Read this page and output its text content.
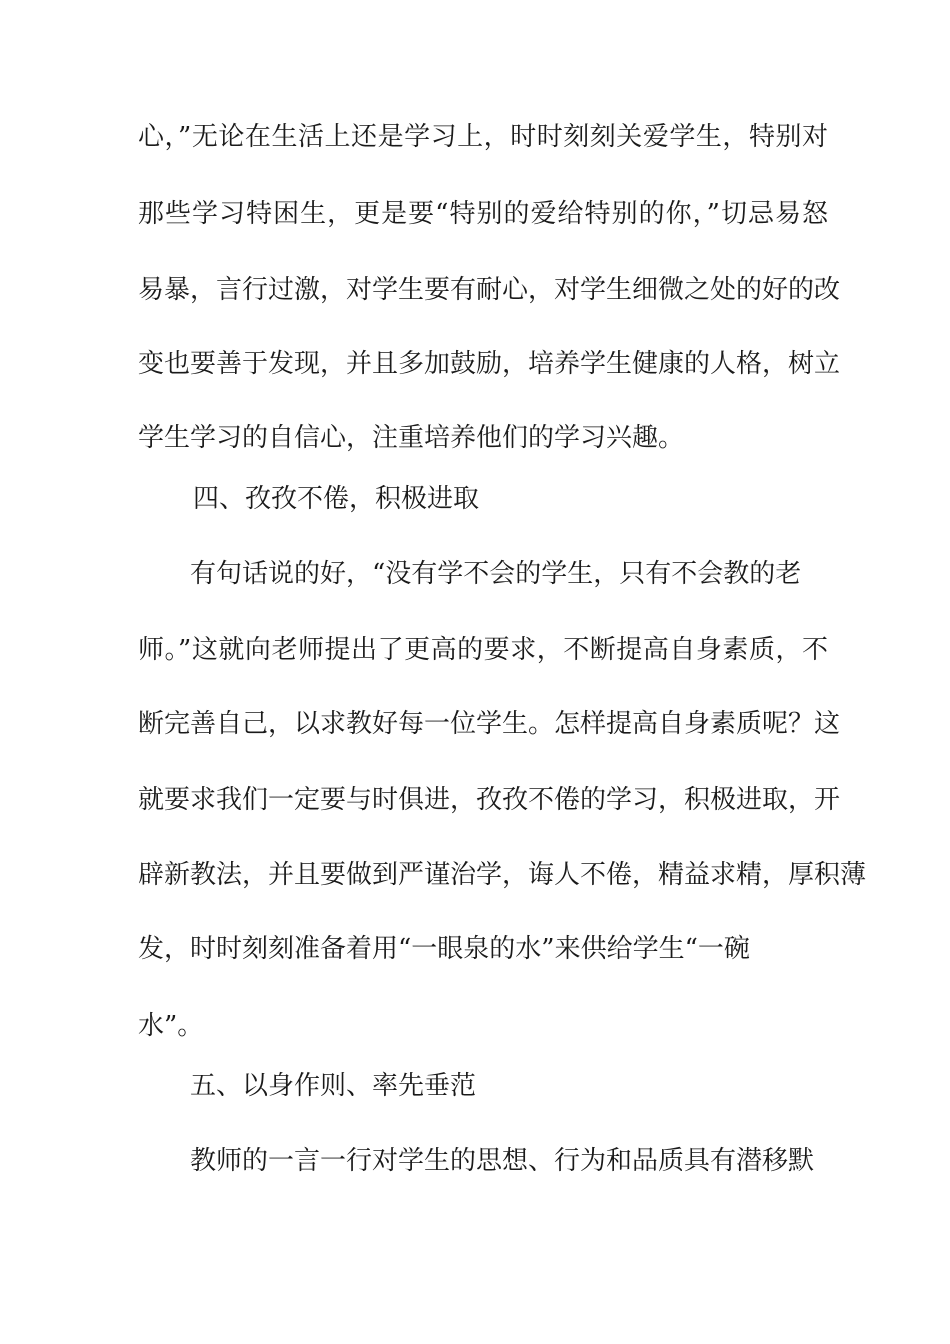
心，”无论在生活上还是学习上，时时刻刻关爱学生，特别对
那些学习特困生，更是要“特别的爱给特别的你，”切忌易怒
易暴，言行过激，对学生要有耐心，对学生细微之处的好的改
变也要善于发现，并且多加鼓励，培养学生健康的人格，树立
学生学习的自信心，注重培养他们的学习兴趣。
四、孜孜不倦，积极进取
有句话说的好，“没有学不会的学生，只有不会教的老
师。”这就向老师提出了更高的要求，不断提高自身素质，不
断完善自己，以求教好每一位学生。怎样提高自身素质呢？这
就要求我们一定要与时俱进，孜孜不倦的学习，积极进取，开
辟新教法，并且要做到严谨治学，诲人不倦，精益求精，厚积薄
发，时时刻刻准备着用“一眼泉的水”来供给学生“一碗
水”。
五、以身作则、率先垂范
教师的一言一行对学生的思想、行为和品质具有潜移默
